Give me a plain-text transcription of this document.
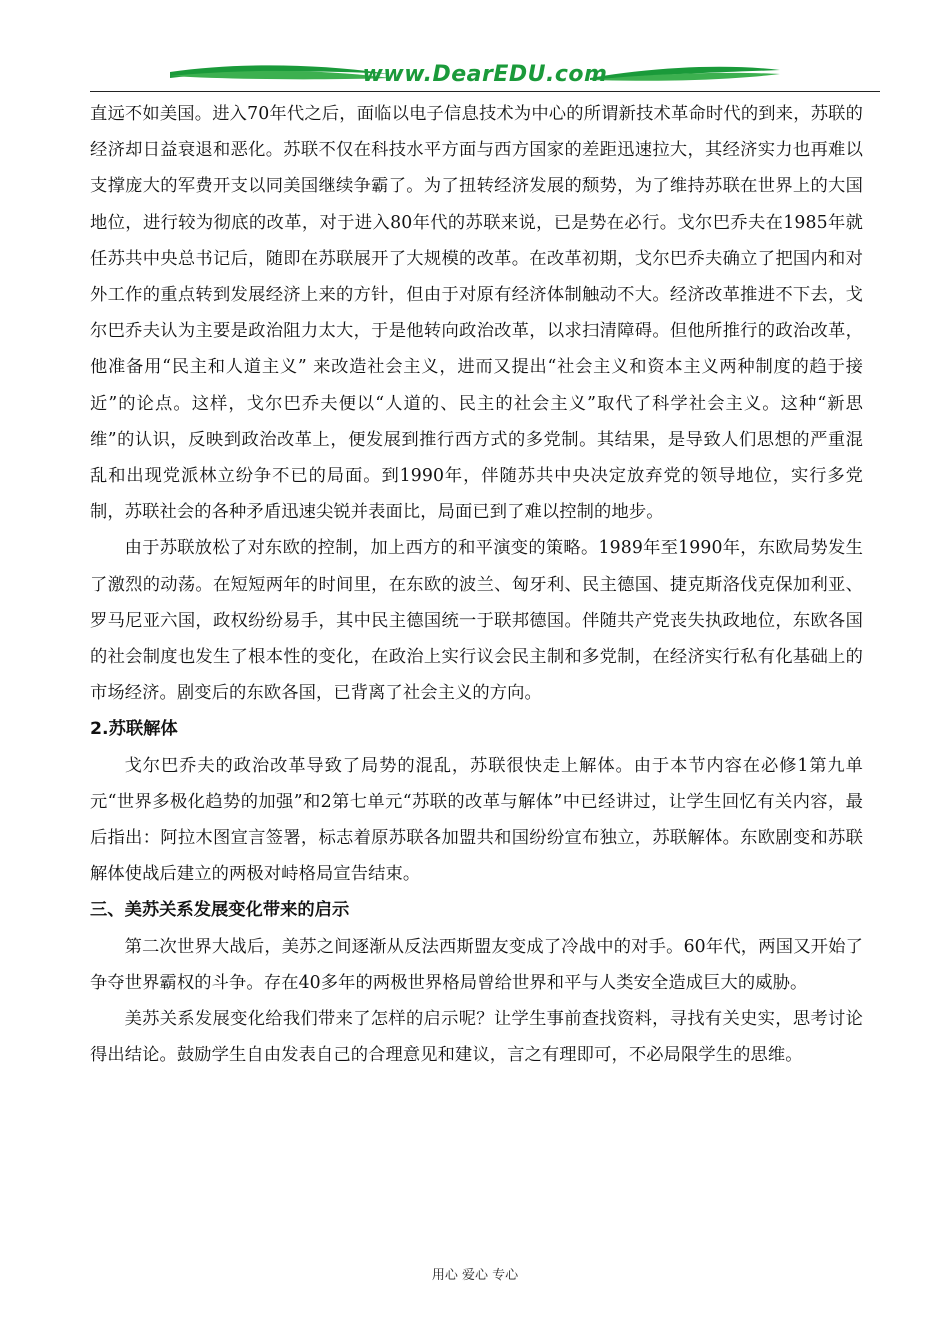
www.DearEDU.com

直远不如美国。进入70年代之后，面临以电子信息技术为中心的所谓新技术革命时代的到来，苏联的经济却日益衰退和恶化。苏联不仅在科技水平方面与西方国家的差距迅速拉大，其经济实力也再难以支撑庞大的军费开支以同美国继续争霸了。为了扭转经济发展的颓势，为了维持苏联在世界上的大国地位，进行较为彻底的改革，对于进入80年代的苏联来说，已是势在必行。戈尔巴乔夫在1985年就任苏共中央总书记后，随即在苏联展开了大规模的改革。在改革初期，戈尔巴乔夫确立了把国内和对外工作的重点转到发展经济上来的方针，但由于对原有经济体制触动不大。经济改革推进不下去，戈尔巴乔夫认为主要是政治阻力太大，于是他转向政治改革，以求扫清障碍。但他所推行的政治改革，他准备用“民主和人道主义” 来改造社会主义，进而又提出“社会主义和资本主义两种制度的趋于接近”的论点。这样，戈尔巴乔夫便以“人道的、民主的社会主义”取代了科学社会主义。这种“新思维”的认识，反映到政治改革上，便发展到推行西方式的多党制。其结果，是导致人们思想的严重混乱和出现党派林立纷争不已的局面。到1990年，伴随苏共中央决定放弃党的领导地位，实行多党制，苏联社会的各种矛盾迅速尖锐并表面比，局面已到了难以控制的地步。

由于苏联放松了对东欧的控制，加上西方的和平演变的策略。1989年至1990年，东欧局势发生了激烈的动荡。在短短两年的时间里，在东欧的波兰、匈牙利、民主德国、捷克斯洛伐克保加利亚、罗马尼亚六国，政权纷纷易手，其中民主德国统一于联邦德国。伴随共产党丧失执政地位，东欧各国的社会制度也发生了根本性的变化，在政治上实行议会民主制和多党制，在经济实行私有化基础上的市场经济。剧变后的东欧各国，已背离了社会主义的方向。

2.苏联解体

戈尔巴乔夫的政治改革导致了局势的混乱，苏联很快走上解体。由于本节内容在必修1第九单元“世界多极化趋势的加强”和2第七单元“苏联的改革与解体”中已经讲过，让学生回忆有关内容，最后指出：阿拉木图宣言签署，标志着原苏联各加盟共和国纷纷宣布独立，苏联解体。东欧剧变和苏联解体使战后建立的两极对峙格局宣告结束。

三、美苏关系发展变化带来的启示

第二次世界大战后，美苏之间逐渐从反法西斯盟友变成了冷战中的对手。60年代，两国又开始了争夺世界霸权的斗争。存在40多年的两极世界格局曾给世界和平与人类安全造成巨大的威胁。

美苏关系发展变化给我们带来了怎样的启示呢？让学生事前查找资料，寻找有关史实，思考讨论得出结论。鼓励学生自由发表自己的合理意见和建议，言之有理即可，不必局限学生的思维。

用心 爱心 专心
